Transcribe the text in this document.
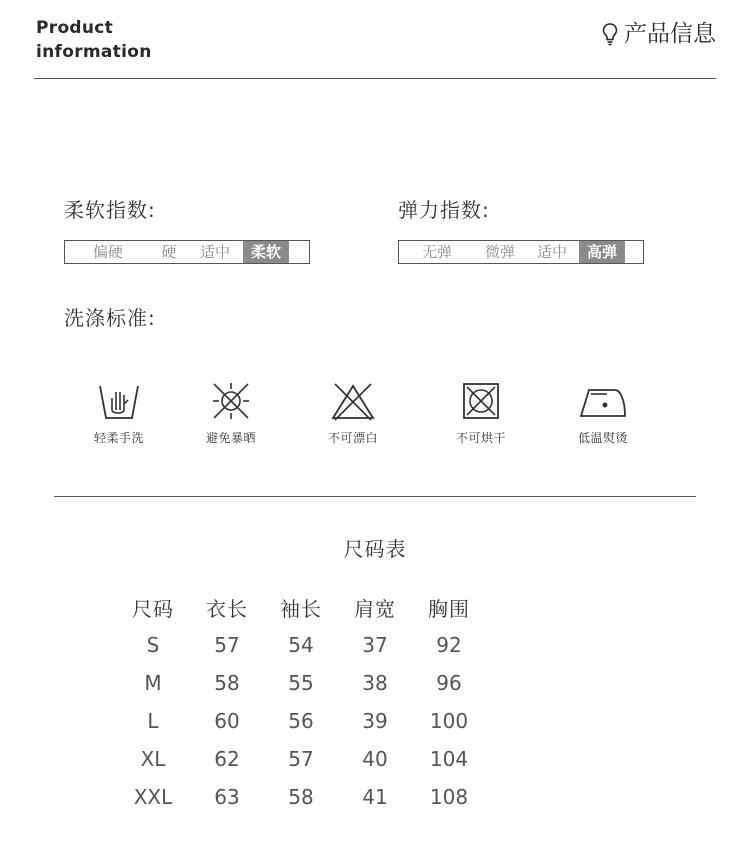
Product
information
产品信息
柔软指数:
偏硬	硬	适中	柔软
弹力指数:
无弹	微弹	适中	高弹
洗涤标准:
轻柔手洗	避免暴晒	不可漂白	不可烘干	低温熨烫
尺码表
尺码	衣长	袖长	肩宽	胸围
S	57	54	37	92
M	58	55	38	96
L	60	56	39	100
XL	62	57	40	104
XXL	63	58	41	108
